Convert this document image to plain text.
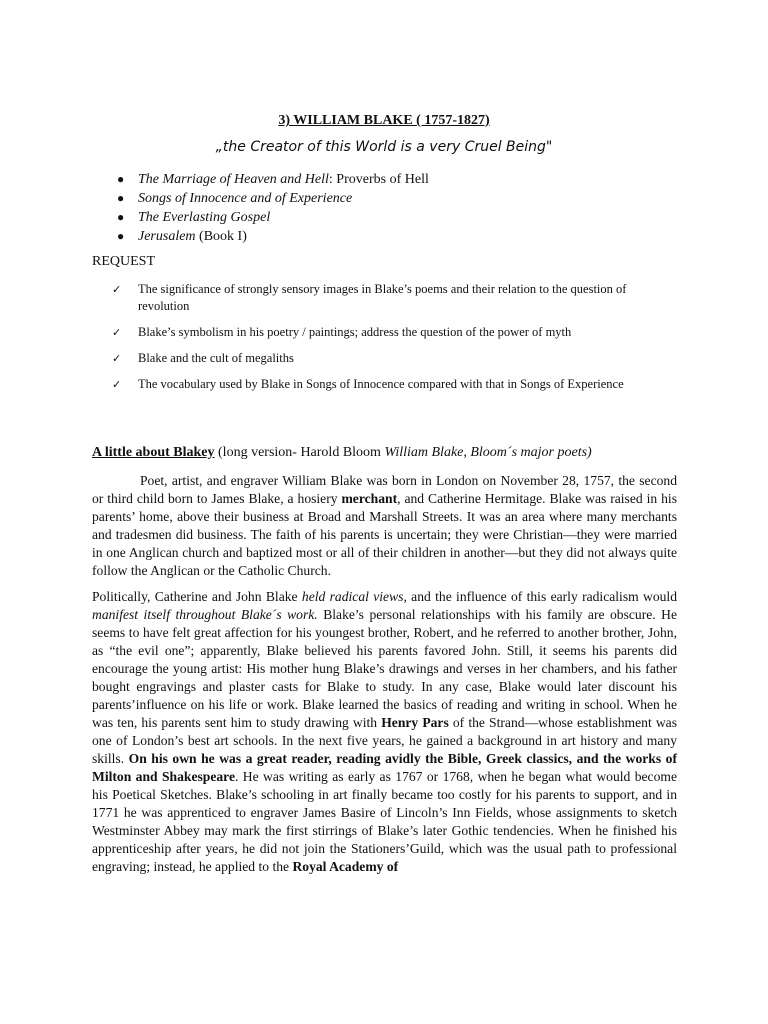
3) WILLIAM BLAKE ( 1757-1827)
„the Creator of this World is a very Cruel Being"
● The Marriage of Heaven and Hell: Proverbs of Hell
● Songs of Innocence and of Experience
● The Everlasting Gospel
● Jerusalem (Book I)
REQUEST
✓ The significance of strongly sensory images in Blake’s poems and their relation to the question of revolution
✓ Blake’s symbolism in his poetry / paintings; address the question of the power of myth
✓ Blake and the cult of megaliths
✓ The vocabulary used by Blake in Songs of Innocence compared with that in Songs of Experience
A little about Blakey (long version- Harold Bloom William Blake, Bloom´s major poets)

Poet, artist, and engraver William Blake was born in London on November 28, 1757, the second or third child born to James Blake, a hosiery merchant, and Catherine Hermitage. Blake was raised in his parents’ home, above their business at Broad and Marshall Streets. It was an area where many merchants and tradesmen did business. The faith of his parents is uncertain; they were Christian—they were married in one Anglican church and baptized most or all of their children in another—but they did not always quite follow the Anglican or the Catholic Church.

Politically, Catherine and John Blake held radical views, and the influence of this early radicalism would manifest itself throughout Blake´s work. Blake’s personal relationships with his family are obscure. He seems to have felt great affection for his youngest brother, Robert, and he referred to another brother, John, as “the evil one”; apparently, Blake believed his parents favored John. Still, it seems his parents did encourage the young artist: His mother hung Blake’s drawings and verses in her chambers, and his father bought engravings and plaster casts for Blake to study. In any case, Blake would later discount his parents’influence on his life or work. Blake learned the basics of reading and writing in school. When he was ten, his parents sent him to study drawing with Henry Pars of the Strand—whose establishment was one of London’s best art schools. In the next five years, he gained a background in art history and many skills. On his own he was a great reader, reading avidly the Bible, Greek classics, and the works of Milton and Shakespeare. He was writing as early as 1767 or 1768, when he began what would become his Poetical Sketches. Blake’s schooling in art finally became too costly for his parents to support, and in 1771 he was apprenticed to engraver James Basire of Lincoln’s Inn Fields, whose assignments to sketch Westminster Abbey may mark the first stirrings of Blake’s later Gothic tendencies. When he finished his apprenticeship after years, he did not join the Stationers’Guild, which was the usual path to professional engraving; instead, he applied to the Royal Academy of
